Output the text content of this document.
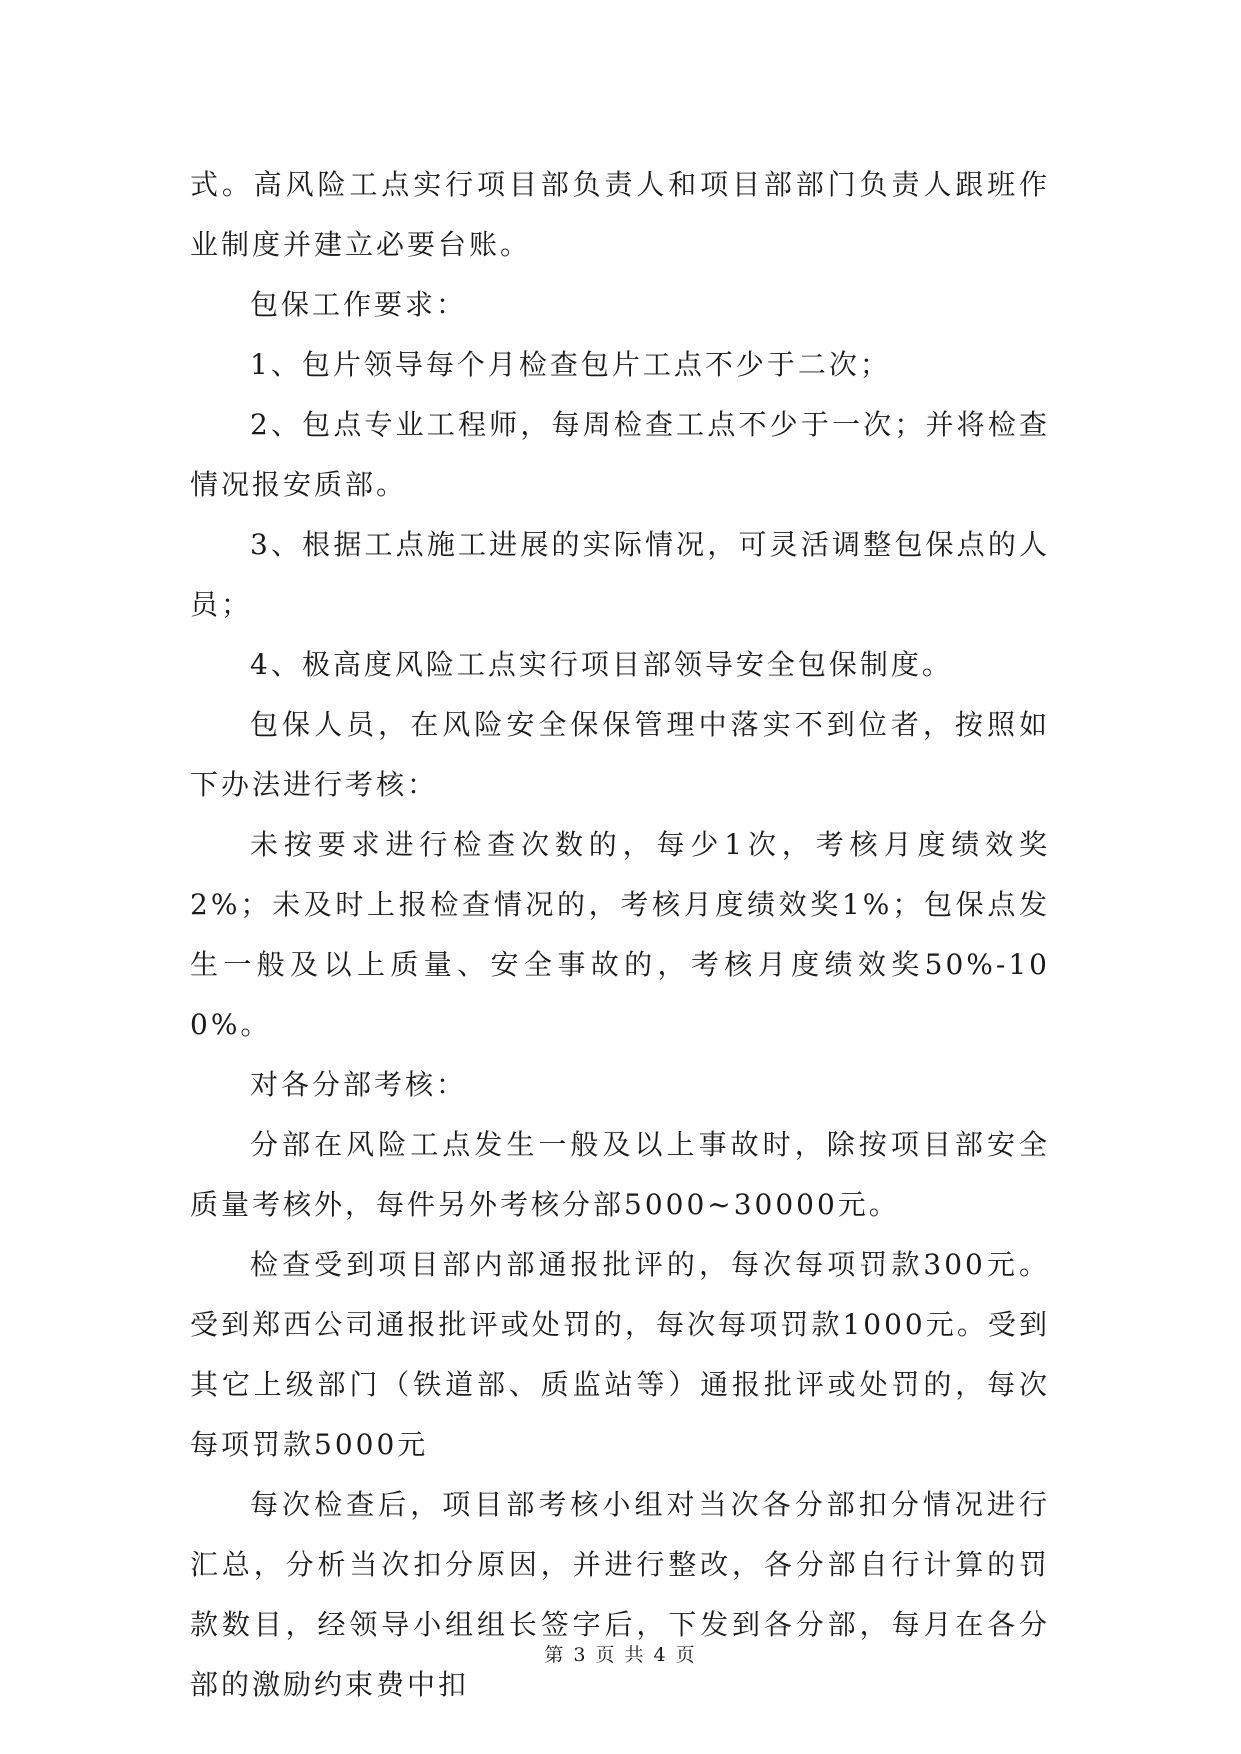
式。高风险工点实行项目部负责人和项目部部门负责人跟班作业制度并建立必要台账。

包保工作要求：

1、包片领导每个月检查包片工点不少于二次；

2、包点专业工程师，每周检查工点不少于一次；并将检查情况报安质部。

3、根据工点施工进展的实际情况，可灵活调整包保点的人员；

4、极高度风险工点实行项目部领导安全包保制度。

包保人员，在风险安全保保管理中落实不到位者，按照如下办法进行考核：

未按要求进行检查次数的，每少1次，考核月度绩效奖2%；未及时上报检查情况的，考核月度绩效奖1%；包保点发生一般及以上质量、安全事故的，考核月度绩效奖50%-100%。

对各分部考核：

分部在风险工点发生一般及以上事故时，除按项目部安全质量考核外，每件另外考核分部5000~30000元。

检查受到项目部内部通报批评的，每次每项罚款300元。受到郑西公司通报批评或处罚的，每次每项罚款1000元。受到其它上级部门（铁道部、质监站等）通报批评或处罚的，每次每项罚款5000元

每次检查后，项目部考核小组对当次各分部扣分情况进行汇总，分析当次扣分原因，并进行整改，各分部自行计算的罚款数目，经领导小组组长签字后，下发到各分部，每月在各分部的激励约束费中扣

第 3 页 共 4 页
